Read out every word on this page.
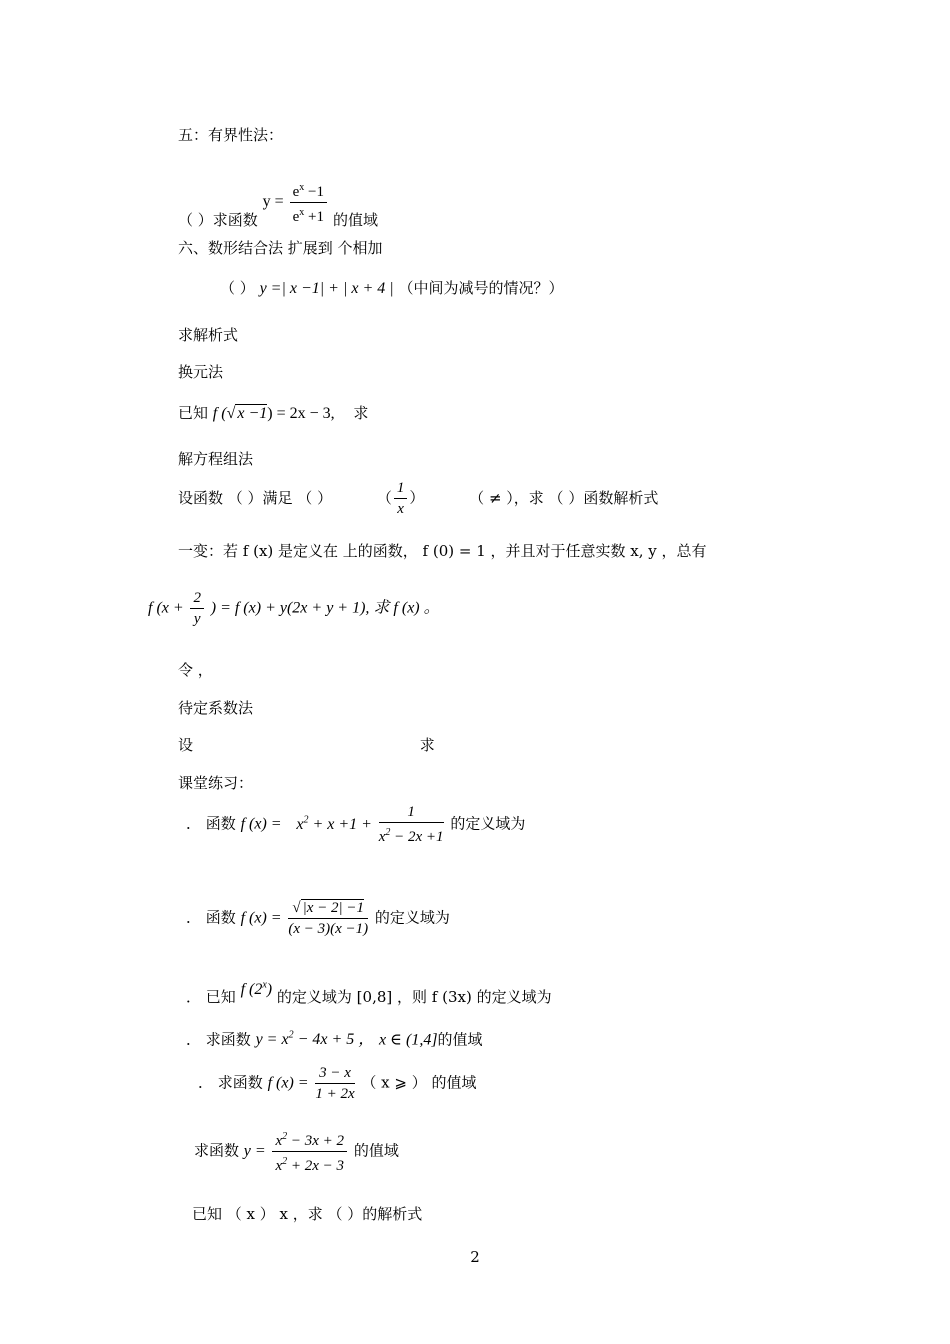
五：有界性法：
（ ）求函数 $y = \frac{e^x -1}{e^x +1}$ 的值域
六、数形结合法 扩展到 个相加
（ ） y =| x −1| + | x + 4 | （中间为减号的情况？）
求解析式
换元法
已知 f (√ x −1) = 2x − 3, 求
解方程组法
设函数 （ ）满足 （ ）	（ $\frac{1}{x}$ ）	（ ≠ ），求 （ ）函数解析式
一变：若 f (x) 是定义在 上的函数， f (0) = 1 ，并且对于任意实数 x, y ，总有
f ($x + \frac{2}{y}$ ) = f (x) + y(2x + y + 1), 求 f (x) 。
令 ，
待定系数法
设	求
课堂练习：
． 函数 f $(x) = x^2 + x +1 + \frac{1}{x^2 - 2x +1}$ 的定义域为
． 函数 f $(x) = \frac{√ |x - 2| -1}{(x - 3)(x -1)}$ 的定义域为
． 已知 f (2$^x$) 的定义域为 [0,8] ，则 f (3x) 的定义域为
． 求函数 $y = x^2 - 4x + 5$ ， x ∈ (1,4]的值域
． 求函数 f $(x) = \frac{3 - x}{1 + 2x}$ （ x ⩾ ） 的值域
求函数 $y = \frac{x^2 - 3x + 2}{x^2 + 2x - 3}$ 的值域
已知 （ x ） x ，求 （ ）的解析式
2
